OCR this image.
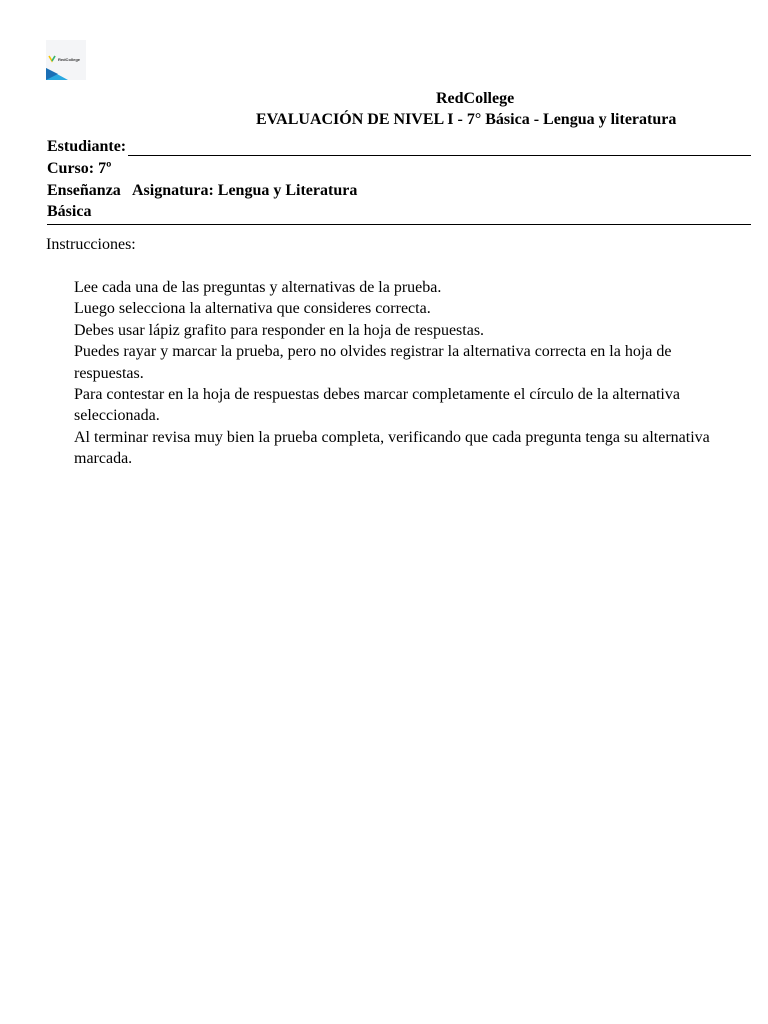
RedCollege
RedCollege
EVALUACIÓN DE NIVEL I - 7° Básica - Lengua y literatura
Estudiante:
Curso: 7º
Enseñanza Asignatura: Lengua y Literatura
Básica
Instrucciones:
Lee cada una de las preguntas y alternativas de la prueba.
Luego selecciona la alternativa que consideres correcta.
Debes usar lápiz grafito para responder en la hoja de respuestas.
Puedes rayar y marcar la prueba, pero no olvides registrar la alternativa correcta en la hoja de respuestas.
Para contestar en la hoja de respuestas debes marcar completamente el círculo de la alternativa seleccionada.
Al terminar revisa muy bien la prueba completa, verificando que cada pregunta tenga su alternativa marcada.
